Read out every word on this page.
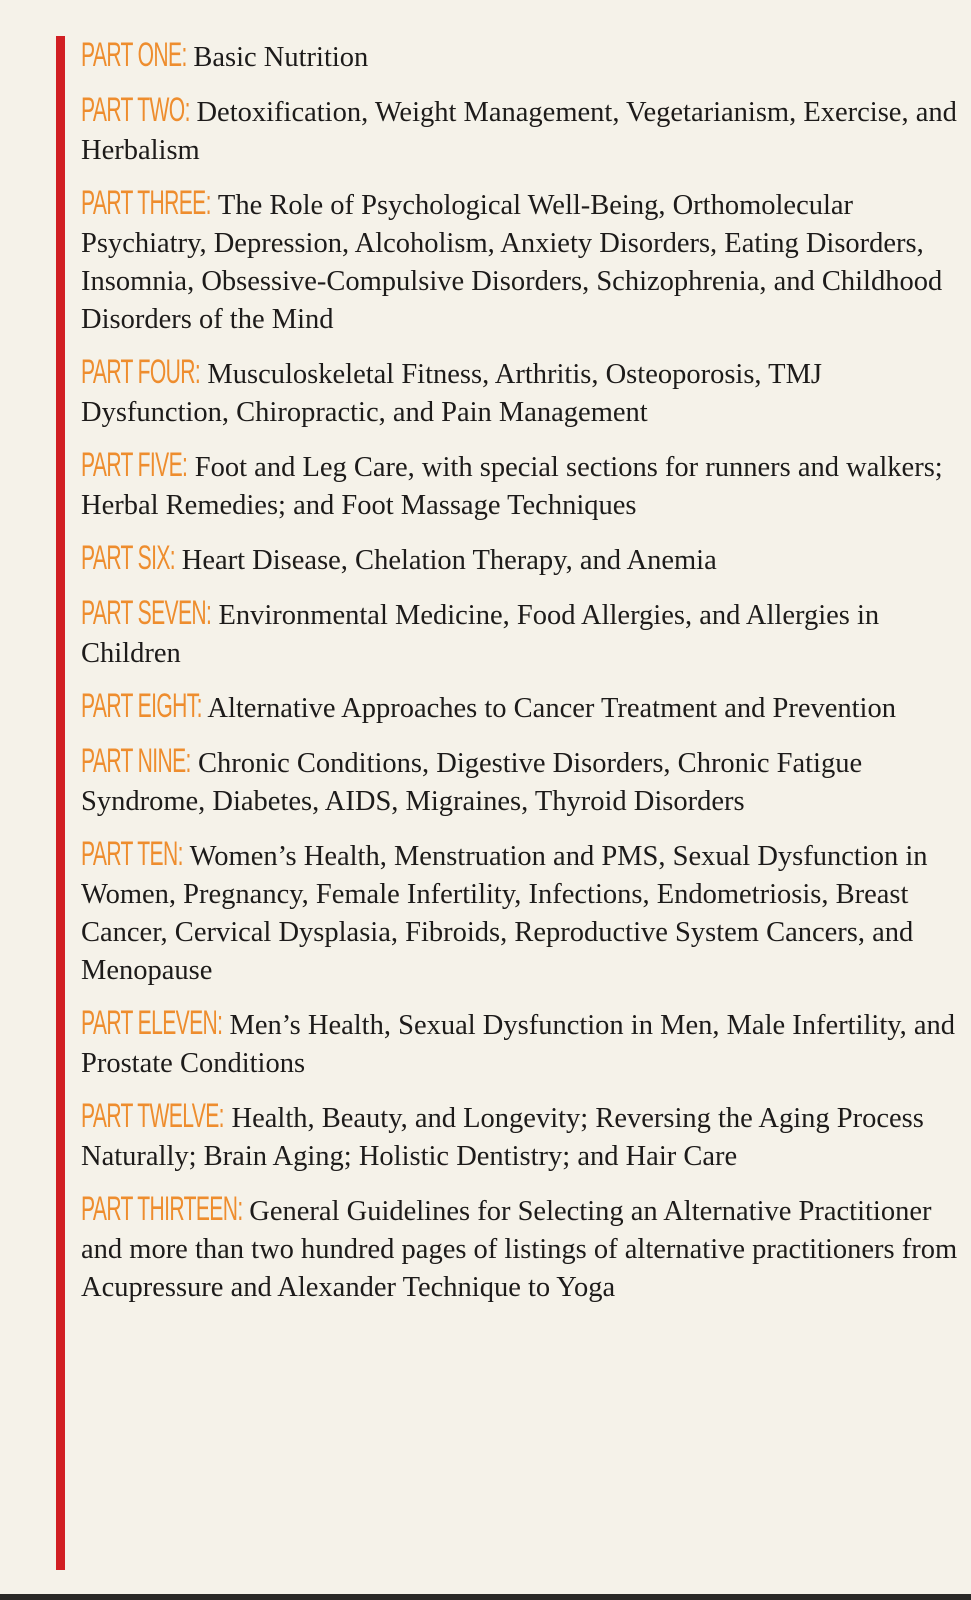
PART ONE: Basic Nutrition

PART TWO: Detoxification, Weight Management, Vegetarianism, Exercise, and Herbalism

PART THREE: The Role of Psychological Well-Being, Orthomolecular Psychiatry, Depression, Alcoholism, Anxiety Disorders, Eating Disorders, Insomnia, Obsessive-Compulsive Disorders, Schizophrenia, and Childhood Disorders of the Mind

PART FOUR: Musculoskeletal Fitness, Arthritis, Osteoporosis, TMJ Dysfunction, Chiropractic, and Pain Management

PART FIVE: Foot and Leg Care, with special sections for runners and walkers; Herbal Remedies; and Foot Massage Techniques

PART SIX: Heart Disease, Chelation Therapy, and Anemia

PART SEVEN: Environmental Medicine, Food Allergies, and Allergies in Children

PART EIGHT: Alternative Approaches to Cancer Treatment and Prevention

PART NINE: Chronic Conditions, Digestive Disorders, Chronic Fatigue Syndrome, Diabetes, AIDS, Migraines, Thyroid Disorders

PART TEN: Women’s Health, Menstruation and PMS, Sexual Dysfunction in Women, Pregnancy, Female Infertility, Infections, Endometriosis, Breast Cancer, Cervical Dysplasia, Fibroids, Reproductive System Cancers, and Menopause

PART ELEVEN: Men’s Health, Sexual Dysfunction in Men, Male Infertility, and Prostate Conditions

PART TWELVE: Health, Beauty, and Longevity; Reversing the Aging Process Naturally; Brain Aging; Holistic Dentistry; and Hair Care

PART THIRTEEN: General Guidelines for Selecting an Alternative Practitioner and more than two hundred pages of listings of alternative practitioners from Acupressure and Alexander Technique to Yoga
